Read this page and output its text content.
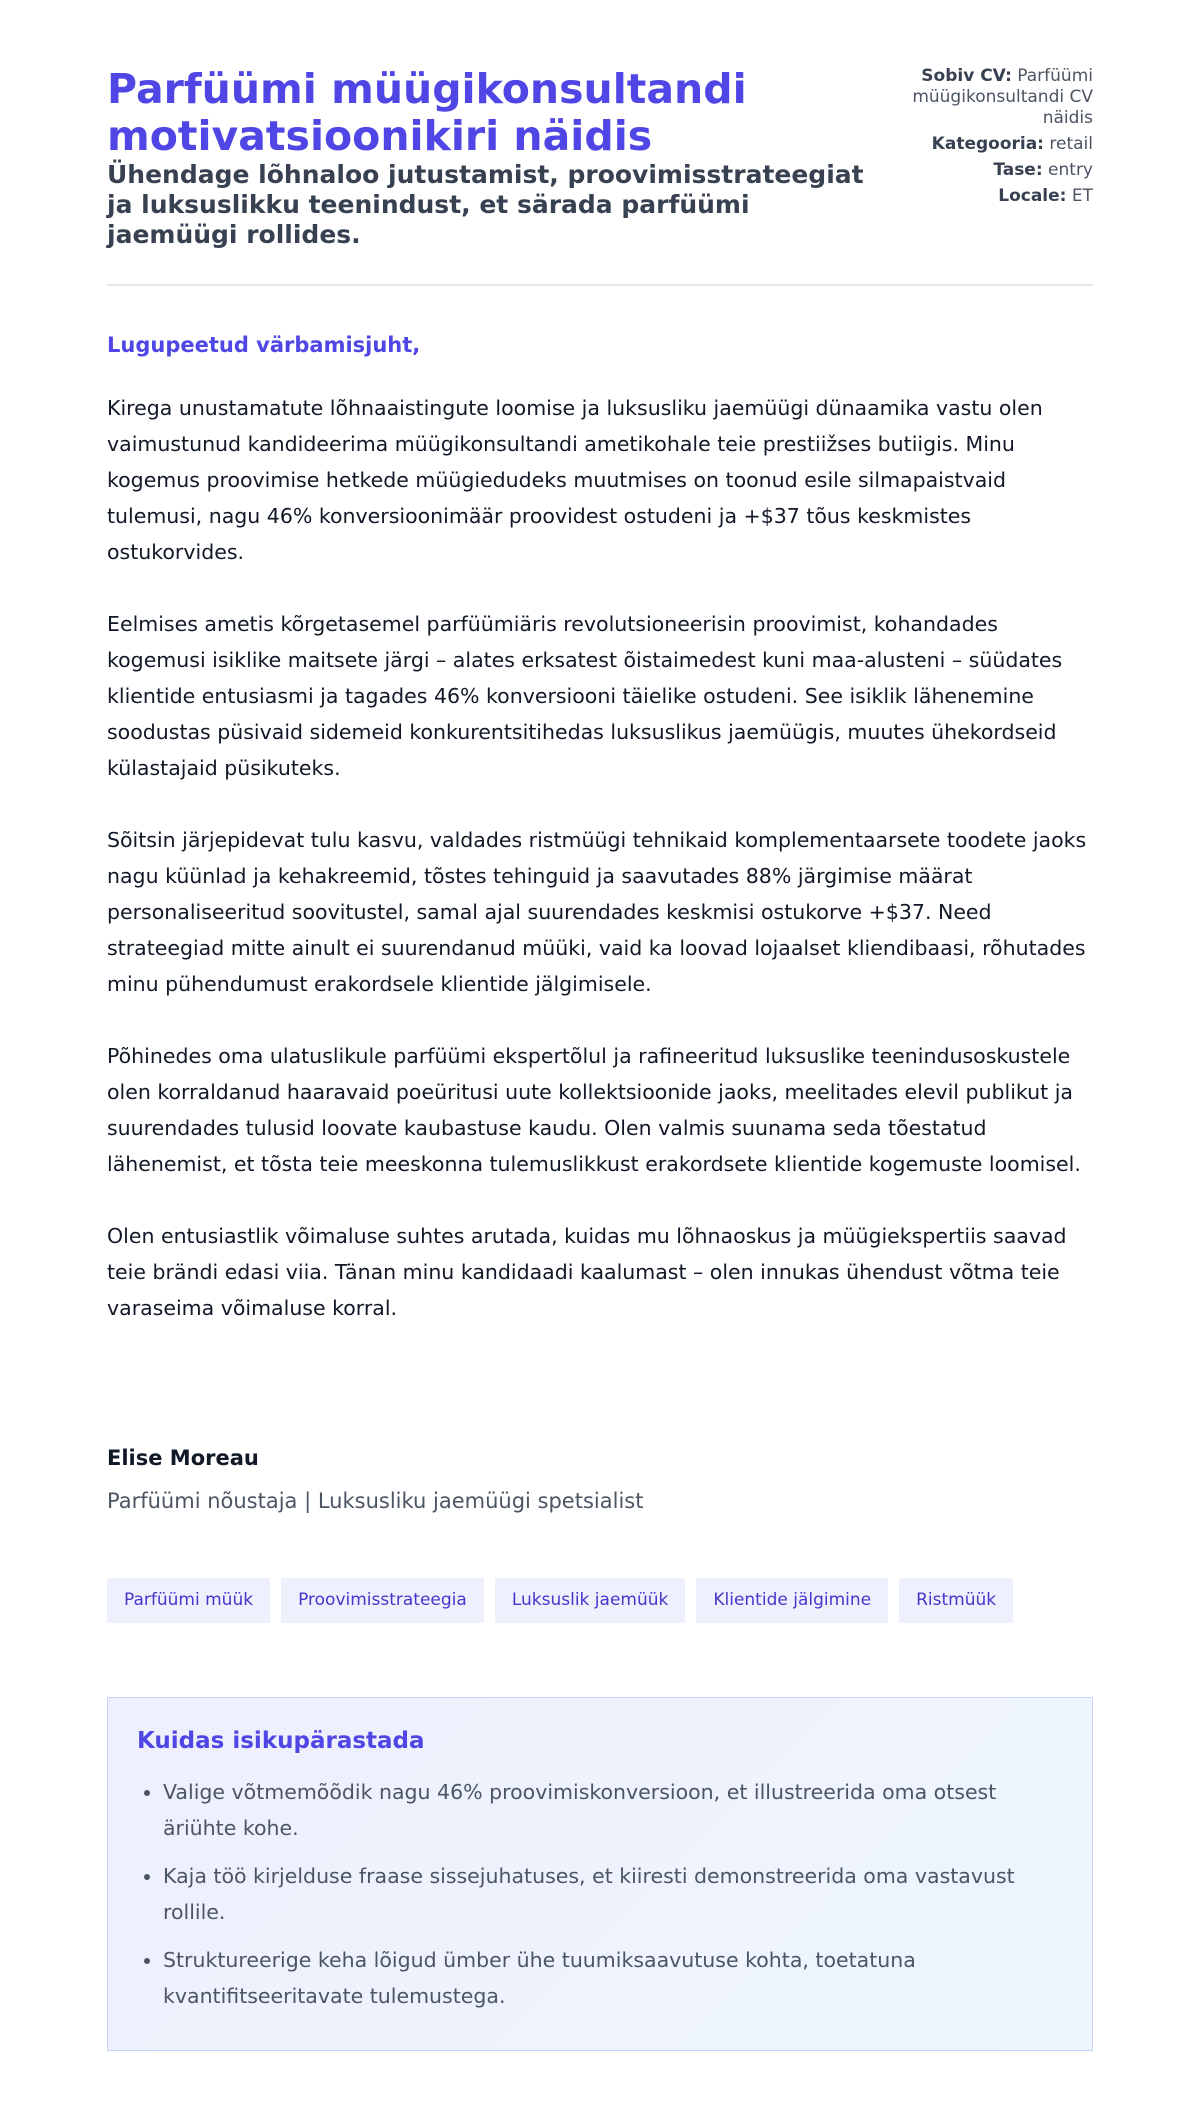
Parfüümi müügikonsultandi motivatsioonikiri näidis
Ühendage lõhnaloo jutustamist, proovimisstrateegiat ja luksuslikku teenindust, et särada parfüümi jaemüügi rollides.

Sobiv CV: Parfüümi müügikonsultandi CV näidis

Kategooria: retail

Tase: entry

Locale: ET

Lugupeetud värbamisjuht,

Kirega unustamatute lõhnaaistingute loomise ja luksusliku jaemüügi dünaamika vastu olen vaimustunud kandideerima müügikonsultandi ametikohale teie prestiižses butiigis. Minu kogemus proovimise hetkede müügiedudeks muutmises on toonud esile silmapaistvaid tulemusi, nagu 46% konversioonimäär proovidest ostudeni ja +$37 tõus keskmistes ostukorvides.

Eelmises ametis kõrgetasemel parfüümiäris revolutsioneerisin proovimist, kohandades kogemusi isiklike maitsete järgi – alates erksatest õistaimedest kuni maa-alusteni – süüdates klientide entusiasmi ja tagades 46% konversiooni täielike ostudeni. See isiklik lähenemine soodustas püsivaid sidemeid konkurentsitihedas luksuslikus jaemüügis, muutes ühekordseid külastajaid püsikuteks.

Sõitsin järjepidevat tulu kasvu, valdades ristmüügi tehnikaid komplementaarsete toodete jaoks nagu küünlad ja kehakreemid, tõstes tehinguid ja saavutades 88% järgimise määrat personaliseeritud soovitustel, samal ajal suurendades keskmisi ostukorve +$37. Need strateegiad mitte ainult ei suurendanud müüki, vaid ka loovad lojaalset kliendibaasi, rõhutades minu pühendumust erakordsele klientide jälgimisele.

Põhinedes oma ulatuslikule parfüümi ekspertõlul ja rafineeritud luksuslike teenindusoskustele olen korraldanud haaravaid poeüritusi uute kollektsioonide jaoks, meelitades elevil publikut ja suurendades tulusid loovate kaubastuse kaudu. Olen valmis suunama seda tõestatud lähenemist, et tõsta teie meeskonna tulemuslikkust erakordsete klientide kogemuste loomisel.

Olen entusiastlik võimaluse suhtes arutada, kuidas mu lõhnaoskus ja müügiekspertiis saavad teie brändi edasi viia. Tänan minu kandidaadi kaalumast – olen innukas ühendust võtma teie varaseima võimaluse korral.

Elise Moreau

Parfüümi nõustaja | Luksusliku jaemüügi spetsialist

Parfüümi müük	Proovimisstrateegia	Luksuslik jaemüük	Klientide jälgimine	Ristmüük
Kuidas isikupärastada
• Valige võtmemõõdik nagu 46% proovimiskonversioon, et illustreerida oma otsest äriühte kohe.
• Kaja töö kirjelduse fraase sissejuhatuses, et kiiresti demonstreerida oma vastavust rollile.
• Struktureerige keha lõigud ümber ühe tuumiksaavutuse kohta, toetatuna kvantifitseeritavate tulemustega.
